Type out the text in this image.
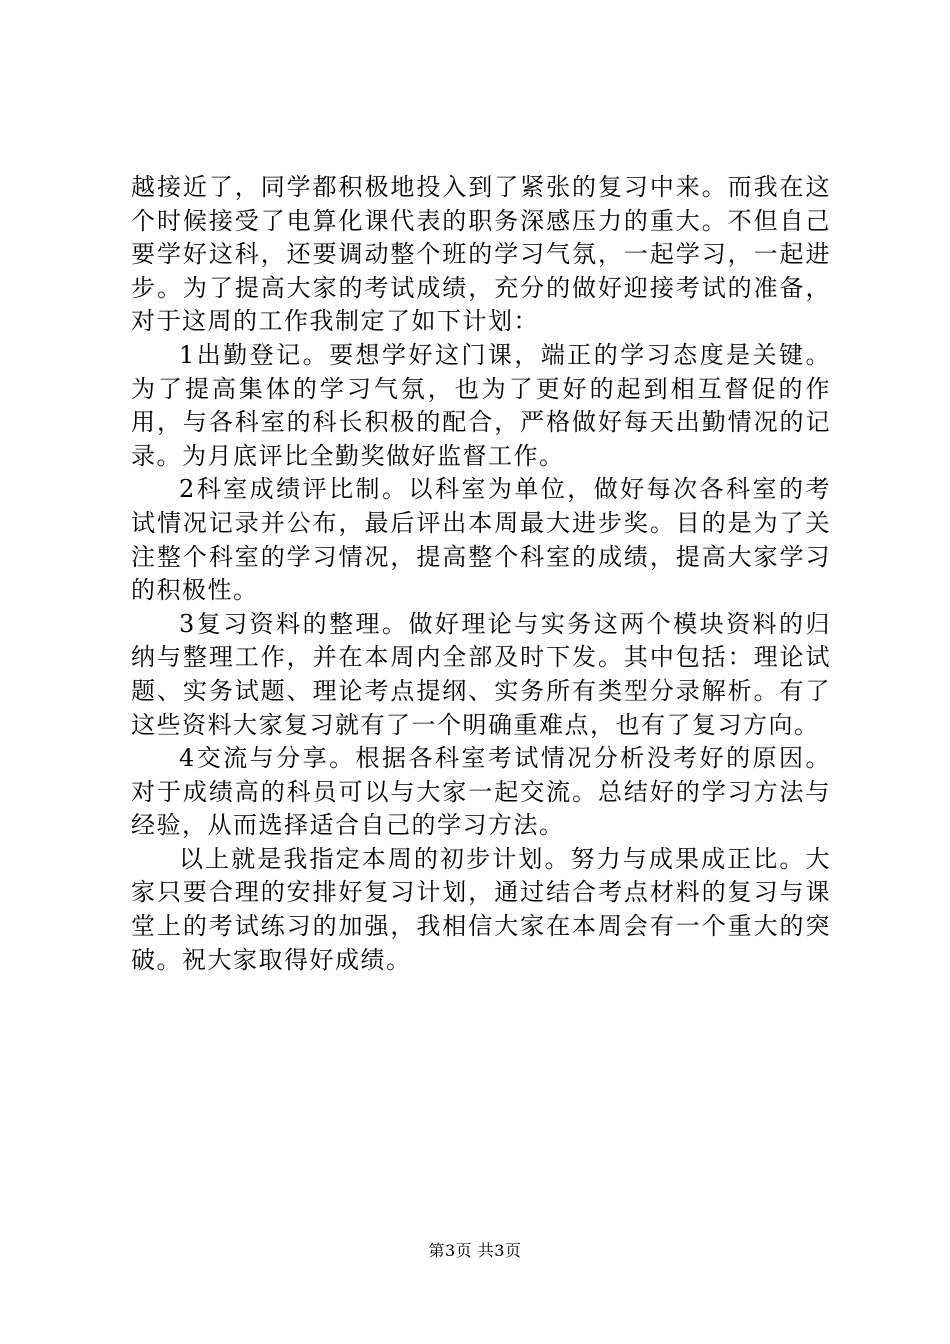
越接近了，同学都积极地投入到了紧张的复习中来。而我在这个时候接受了电算化课代表的职务深感压力的重大。不但自己要学好这科，还要调动整个班的学习气氛，一起学习，一起进步。为了提高大家的考试成绩，充分的做好迎接考试的准备，对于这周的工作我制定了如下计划：

1出勤登记。要想学好这门课，端正的学习态度是关键。为了提高集体的学习气氛，也为了更好的起到相互督促的作用，与各科室的科长积极的配合，严格做好每天出勤情况的记录。为月底评比全勤奖做好监督工作。

2科室成绩评比制。以科室为单位，做好每次各科室的考试情况记录并公布，最后评出本周最大进步奖。目的是为了关注整个科室的学习情况，提高整个科室的成绩，提高大家学习的积极性。

3复习资料的整理。做好理论与实务这两个模块资料的归纳与整理工作，并在本周内全部及时下发。其中包括：理论试题、实务试题、理论考点提纲、实务所有类型分录解析。有了这些资料大家复习就有了一个明确重难点，也有了复习方向。

4交流与分享。根据各科室考试情况分析没考好的原因。对于成绩高的科员可以与大家一起交流。总结好的学习方法与经验，从而选择适合自己的学习方法。

以上就是我指定本周的初步计划。努力与成果成正比。大家只要合理的安排好复习计划，通过结合考点材料的复习与课堂上的考试练习的加强，我相信大家在本周会有一个重大的突破。祝大家取得好成绩。

第3页 共3页
